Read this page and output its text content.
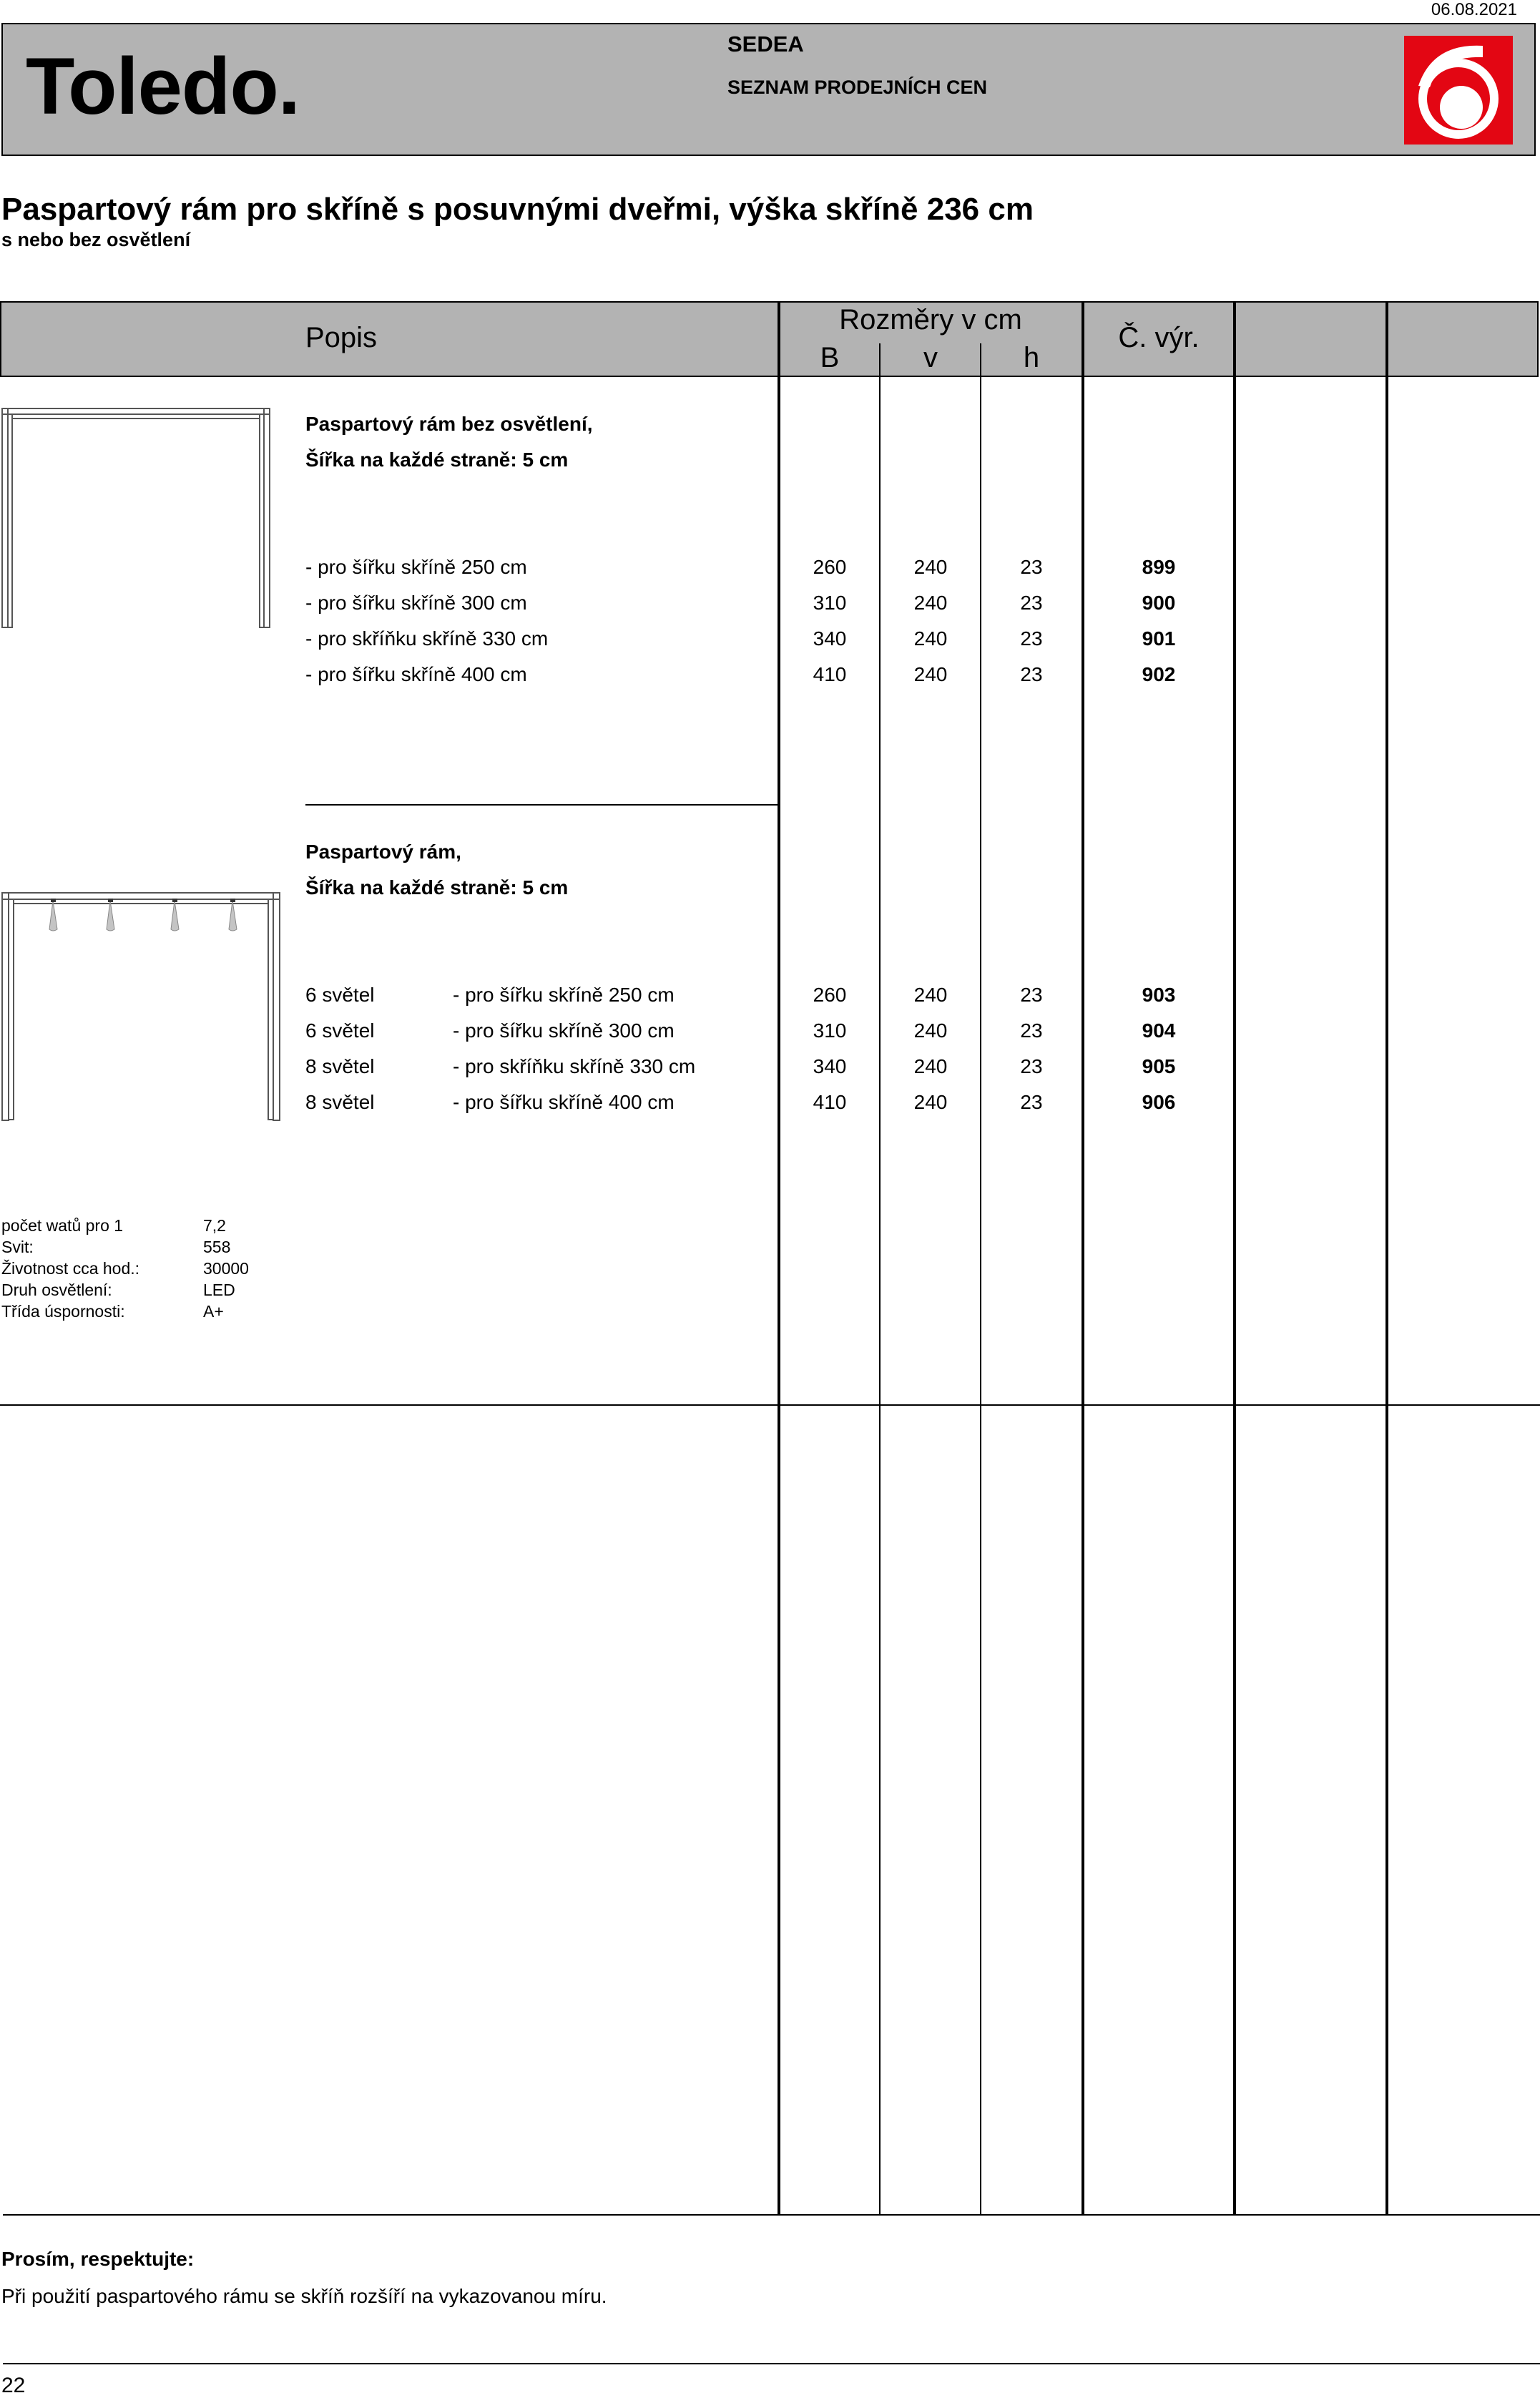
06.08.2021
Toledo.	SEDEA
SEZNAM PRODEJNÍCH CEN
Paspartový rám pro skříně s posuvnými dveřmi, výška skříně 236 cm
s nebo bez osvětlení
Popis
Rozměry v cm
B	v	h
Č. výr.
Paspartový rám bez osvětlení,
Šířka na každé straně: 5 cm
- pro šířku skříně 250 cm	260	240	23	899
- pro šířku skříně 300 cm	310	240	23	900
- pro skříňku skříně 330 cm	340	240	23	901
- pro šířku skříně 400 cm	410	240	23	902
Paspartový rám,
Šířka na každé straně: 5 cm
6 světel	- pro šířku skříně 250 cm	260	240	23	903
6 světel	- pro šířku skříně 300 cm	310	240	23	904
8 světel	- pro skříňku skříně 330 cm	340	240	23	905
8 světel	- pro šířku skříně 400 cm	410	240	23	906
počet watů pro 1	7,2
Svit:	558
Životnost cca hod.:	30000
Druh osvětlení:	LED
Třída úspornosti:	A+
Prosím, respektujte:
Při použití paspartového rámu se skříň rozšíří na vykazovanou míru.
22
